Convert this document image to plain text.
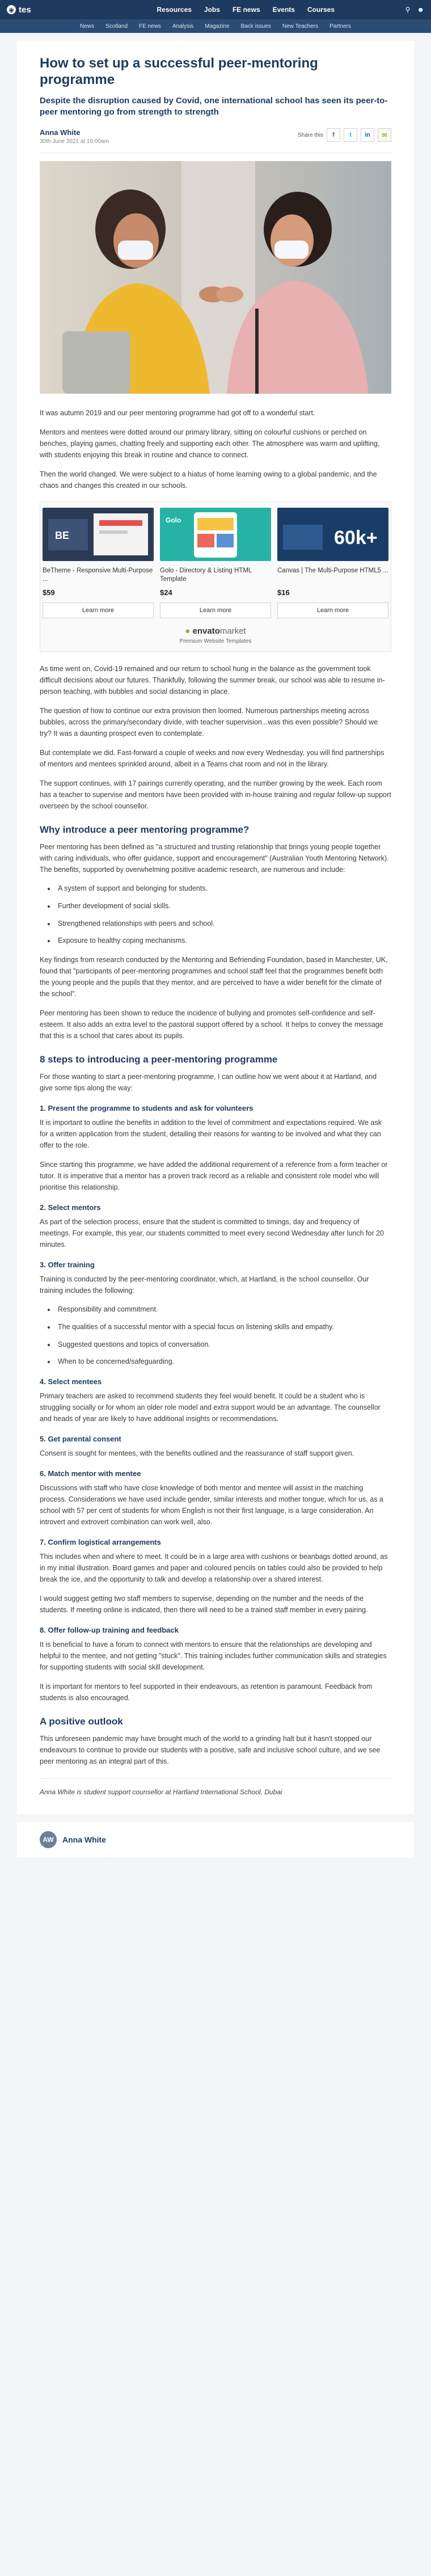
◉ tes	Resources Jobs FE news Events Courses	⚲ ☻
News Scotland FE news Analysis Magazine Back issues New Teachers Partners
How to set up a successful peer-mentoring programme
Despite the disruption caused by Covid, one international school has seen its peer-to-peer mentoring go from strength to strength
Anna White
30th June 2021 at 10:00am
Share this	f	t	in	✉

It was autumn 2019 and our peer mentoring programme had got off to a wonderful start.

Mentors and mentees were dotted around our primary library, sitting on colourful cushions or perched on benches, playing games, chatting freely and supporting each other. The atmosphere was warm and uplifting, with students enjoying this break in routine and chance to connect.

Then the world changed. We were subject to a hiatus of home learning owing to a global pandemic, and the chaos and changes this created in our schools.

BE
BeTheme - Responsive Multi-Purpose ...
$59
Learn more
Golo
Golo - Directory & Listing HTML Template
$24
Learn more
60k+
Canvas | The Multi-Purpose HTML5 ...
$16
Learn more
● envatomarket
Premium Website Templates

As time went on, Covid-19 remained and our return to school hung in the balance as the government took difficult decisions about our futures. Thankfully, following the summer break, our school was able to resume in-person teaching, with bubbles and social distancing in place.

The question of how to continue our extra provision then loomed. Numerous partnerships meeting across bubbles, across the primary/secondary divide, with teacher supervision...was this even possible? Should we try? It was a daunting prospect even to contemplate.

But contemplate we did. Fast-forward a couple of weeks and now every Wednesday, you will find partnerships of mentors and mentees sprinkled around, albeit in a Teams chat room and not in the library.

The support continues, with 17 pairings currently operating, and the number growing by the week. Each room has a teacher to supervise and mentors have been provided with in-house training and regular follow-up support overseen by the school counsellor.

Why introduce a peer mentoring programme?

Peer mentoring has been defined as "a structured and trusting relationship that brings young people together with caring individuals, who offer guidance, support and encouragement" (Australian Youth Mentoring Network). The benefits, supported by overwhelming positive academic research, are numerous and include:

• A system of support and belonging for students.
• Further development of social skills.
• Strengthened relationships with peers and school.
• Exposure to healthy coping mechanisms.

Key findings from research conducted by the Mentoring and Befriending Foundation, based in Manchester, UK, found that "participants of peer-mentoring programmes and school staff feel that the programmes benefit both the young people and the pupils that they mentor, and are perceived to have a wider benefit for the climate of the school".

Peer mentoring has been shown to reduce the incidence of bullying and promotes self-confidence and self-esteem. It also adds an extra level to the pastoral support offered by a school. It helps to convey the message that this is a school that cares about its pupils.

8 steps to introducing a peer-mentoring programme

For those wanting to start a peer-mentoring programme, I can outline how we went about it at Hartland, and give some tips along the way:

1. Present the programme to students and ask for volunteers

It is important to outline the benefits in addition to the level of commitment and expectations required. We ask for a written application from the student, detailing their reasons for wanting to be involved and what they can offer to the role.

Since starting this programme, we have added the additional requirement of a reference from a form teacher or tutor. It is imperative that a mentor has a proven track record as a reliable and consistent role model who will prioritise this relationship.

2. Select mentors

As part of the selection process, ensure that the student is committed to timings, day and frequency of meetings. For example, this year, our students committed to meet every second Wednesday after lunch for 20 minutes.

3. Offer training

Training is conducted by the peer-mentoring coordinator, which, at Hartland, is the school counsellor. Our training includes the following:

• Responsibility and commitment.
• The qualities of a successful mentor with a special focus on listening skills and empathy.
• Suggested questions and topics of conversation.
• When to be concerned/safeguarding.
4. Select mentees

Primary teachers are asked to recommend students they feel would benefit. It could be a student who is struggling socially or for whom an older role model and extra support would be an advantage. The counsellor and heads of year are likely to have additional insights or recommendations.

5. Get parental consent

Consent is sought for mentees, with the benefits outlined and the reassurance of staff support given.

6. Match mentor with mentee

Discussions with staff who have close knowledge of both mentor and mentee will assist in the matching process. Considerations we have used include gender, similar interests and mother tongue, which for us, as a school with 57 per cent of students for whom English is not their first language, is a large consideration. An introvert and extrovert combination can work well, also.

7. Confirm logistical arrangements

This includes when and where to meet. It could be in a large area with cushions or beanbags dotted around, as in my initial illustration. Board games and paper and coloured pencils on tables could also be provided to help break the ice, and the opportunity to talk and develop a relationship over a shared interest.

I would suggest getting two staff members to supervise, depending on the number and the needs of the students. If meeting online is indicated, then there will need to be a trained staff member in every pairing.

8. Offer follow-up training and feedback

It is beneficial to have a forum to connect with mentors to ensure that the relationships are developing and helpful to the mentee, and not getting "stuck". This training includes further communication skills and strategies for supporting students with social skill development.

It is important for mentors to feel supported in their endeavours, as retention is paramount. Feedback from students is also encouraged.

A positive outlook

This unforeseen pandemic may have brought much of the world to a grinding halt but it hasn't stopped our endeavours to continue to provide our students with a positive, safe and inclusive school culture, and we see peer mentoring as an integral part of this.

Anna White is student support counsellor at Hartland International School, Dubai
AW	Anna White
